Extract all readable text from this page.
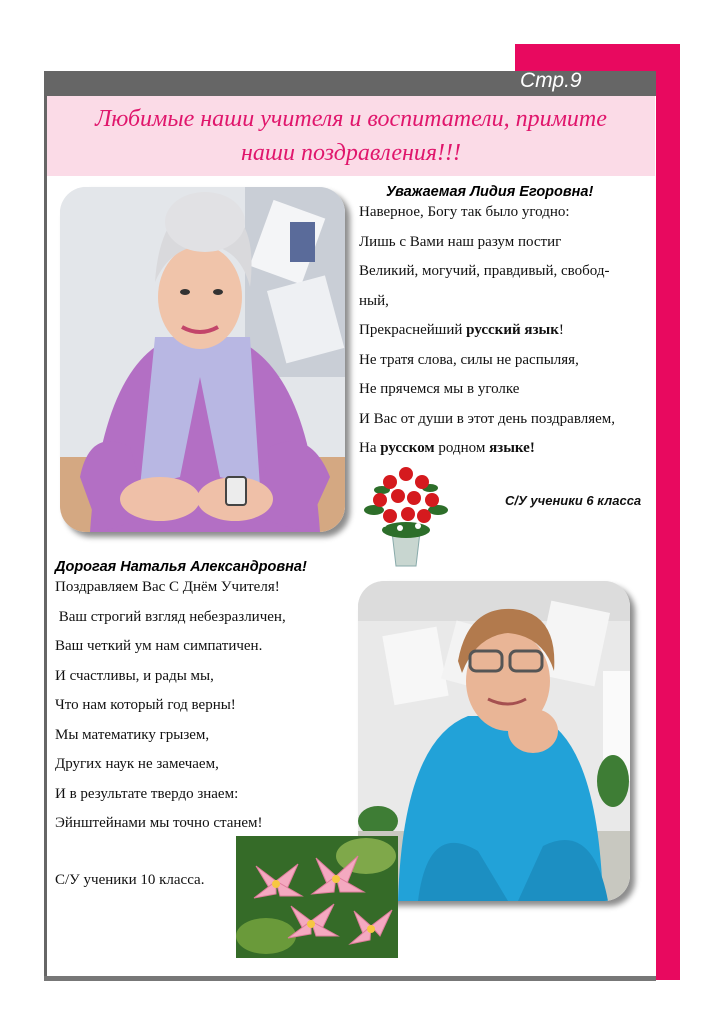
Стр.9
Любимые наши учителя и воспитатели, примите
наши поздравления!!!
Уважаемая Лидия Егоровна!
Наверное, Богу так было угодно:
Лишь с Вами наш разум постиг
Великий, могучий, правдивый, свобод-
ный,
Прекраснейший русский язык!
Не тратя слова, силы не распыляя,
Не прячемся мы в уголке
И Вас от души в этот день поздравляем,
На русском родном языке!
С/У ученики 6 класса
Дорогая Наталья Александровна!
Поздравляем Вас С Днём Учителя!
Ваш строгий взгляд небезразличен,
Ваш четкий ум нам симпатичен.
И счастливы, и рады мы,
Что нам который год верны!
Мы математику грызем,
Других наук не замечаем,
И в результате твердо знаем:
Эйнштейнами мы точно станем!
С/У ученики 10 класса.
